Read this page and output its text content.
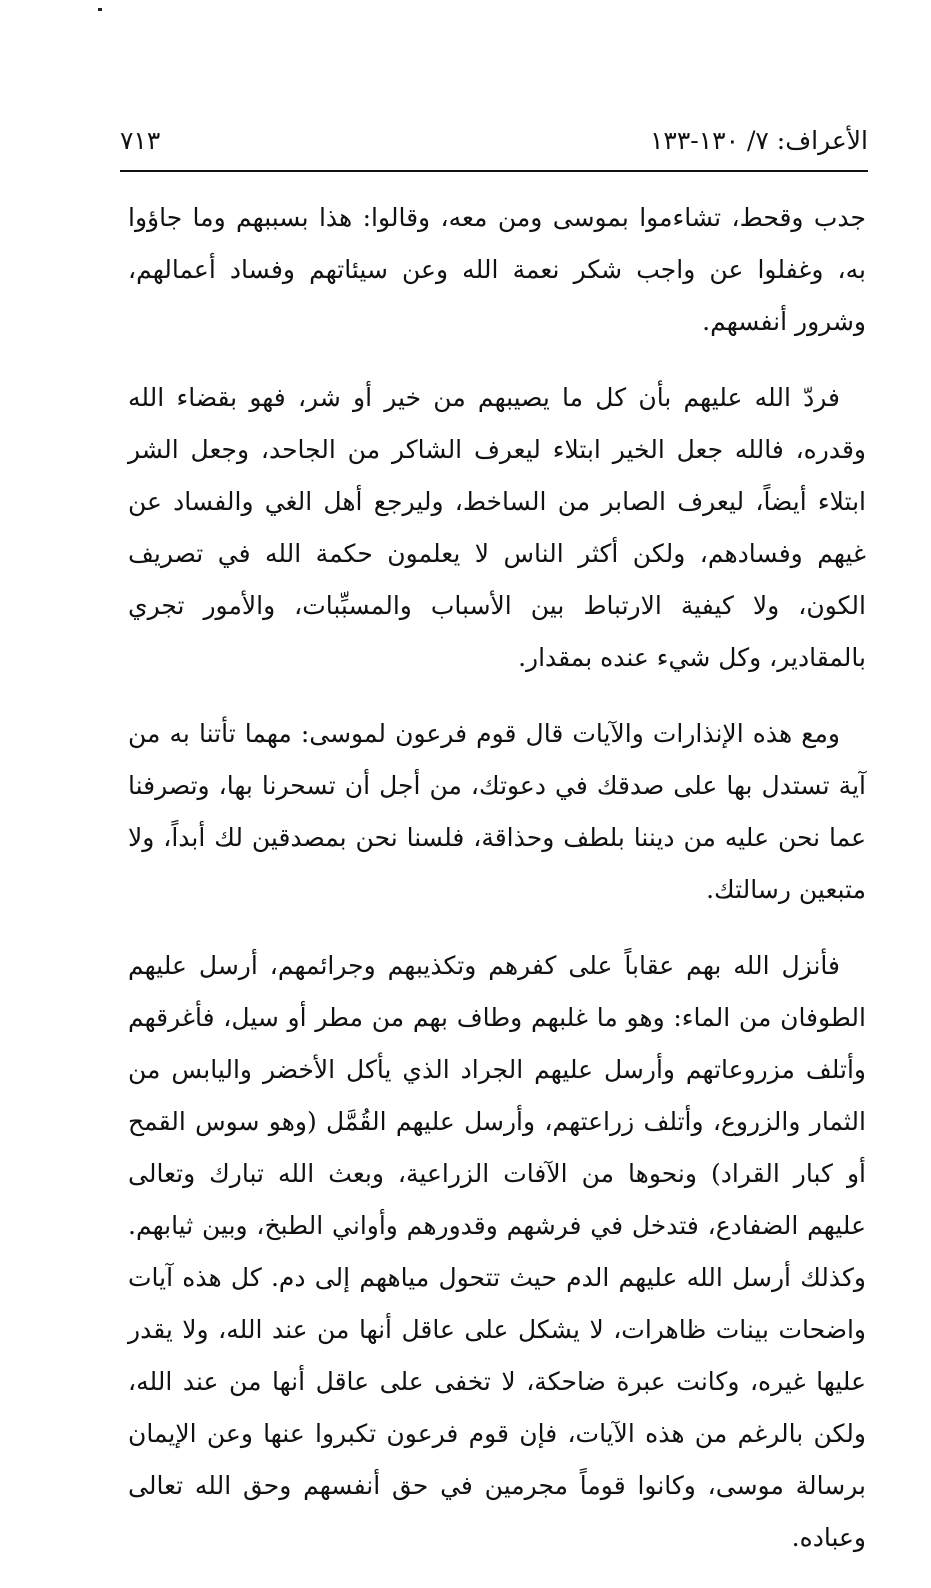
الأعراف: ٧/ ١٣٠-١٣٣
٧١٣

جدب وقحط، تشاءموا بموسى ومن معه، وقالوا: هذا بسببهم وما جاؤوا به، وغفلوا عن واجب شكر نعمة الله وعن سيئاتهم وفساد أعمالهم، وشرور أنفسهم.

فردّ الله عليهم بأن كل ما يصيبهم من خير أو شر، فهو بقضاء الله وقدره، فالله جعل الخير ابتلاء ليعرف الشاكر من الجاحد، وجعل الشر ابتلاء أيضاً، ليعرف الصابر من الساخط، وليرجع أهل الغي والفساد عن غيهم وفسادهم، ولكن أكثر الناس لا يعلمون حكمة الله في تصريف الكون، ولا كيفية الارتباط بين الأسباب والمسبِّبات، والأمور تجري بالمقادير، وكل شيء عنده بمقدار.

ومع هذه الإنذارات والآيات قال قوم فرعون لموسى: مهما تأتنا به من آية تستدل بها على صدقك في دعوتك، من أجل أن تسحرنا بها، وتصرفنا عما نحن عليه من ديننا بلطف وحذاقة، فلسنا نحن بمصدقين لك أبداً، ولا متبعين رسالتك.

فأنزل الله بهم عقاباً على كفرهم وتكذيبهم وجرائمهم، أرسل عليهم الطوفان من الماء: وهو ما غلبهم وطاف بهم من مطر أو سيل، فأغرقهم وأتلف مزروعاتهم وأرسل عليهم الجراد الذي يأكل الأخضر واليابس من الثمار والزروع، وأتلف زراعتهم، وأرسل عليهم القُمَّل (وهو سوس القمح أو كبار القراد) ونحوها من الآفات الزراعية، وبعث الله تبارك وتعالى عليهم الضفادع، فتدخل في فرشهم وقدورهم وأواني الطبخ، وبين ثيابهم. وكذلك أرسل الله عليهم الدم حيث تتحول مياههم إلى دم. كل هذه آيات واضحات بينات ظاهرات، لا يشكل على عاقل أنها من عند الله، ولا يقدر عليها غيره، وكانت عبرة ضاحكة، لا تخفى على عاقل أنها من عند الله، ولكن بالرغم من هذه الآيات، فإن قوم فرعون تكبروا عنها وعن الإيمان برسالة موسى، وكانوا قوماً مجرمين في حق أنفسهم وحق الله تعالى وعباده.
